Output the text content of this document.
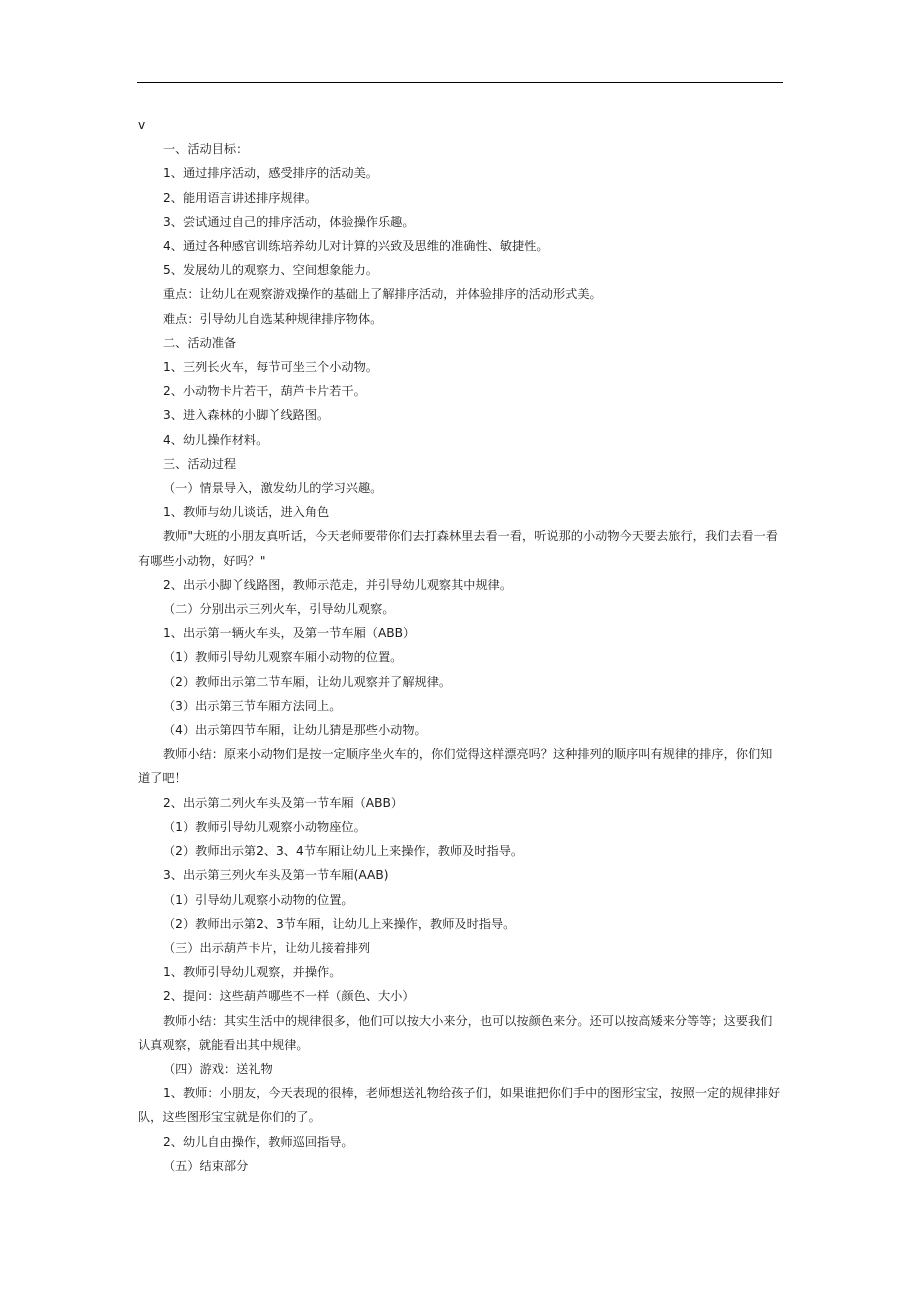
v

一、活动目标：

1、通过排序活动，感受排序的活动美。

2、能用语言讲述排序规律。

3、尝试通过自己的排序活动，体验操作乐趣。

4、通过各种感官训练培养幼儿对计算的兴致及思维的准确性、敏捷性。

5、发展幼儿的观察力、空间想象能力。

重点：让幼儿在观察游戏操作的基础上了解排序活动，并体验排序的活动形式美。

难点：引导幼儿自选某种规律排序物体。

二、活动准备

1、三列长火车，每节可坐三个小动物。

2、小动物卡片若干，葫芦卡片若干。

3、进入森林的小脚丫线路图。

4、幼儿操作材料。

三、活动过程

（一）情景导入，激发幼儿的学习兴趣。

1、教师与幼儿谈话，进入角色

教师"大班的小朋友真听话，今天老师要带你们去打森林里去看一看，听说那的小动物今天要去旅行，我们去看一看有哪些小动物，好吗？"

2、出示小脚丫线路图，教师示范走，并引导幼儿观察其中规律。

（二）分别出示三列火车，引导幼儿观察。

1、出示第一辆火车头，及第一节车厢（ABB）

（1）教师引导幼儿观察车厢小动物的位置。

（2）教师出示第二节车厢，让幼儿观察并了解规律。

（3）出示第三节车厢方法同上。

（4）出示第四节车厢，让幼儿猜是那些小动物。

教师小结：原来小动物们是按一定顺序坐火车的，你们觉得这样漂亮吗？这种排列的顺序叫有规律的排序，你们知道了吧！

2、出示第二列火车头及第一节车厢（ABB）

（1）教师引导幼儿观察小动物座位。

（2）教师出示第2、3、4节车厢让幼儿上来操作，教师及时指导。

3、出示第三列火车头及第一节车厢(AAB)

（1）引导幼儿观察小动物的位置。

（2）教师出示第2、3节车厢，让幼儿上来操作，教师及时指导。

（三）出示葫芦卡片，让幼儿接着排列

1、教师引导幼儿观察，并操作。

2、提问：这些葫芦哪些不一样（颜色、大小）

教师小结：其实生活中的规律很多，他们可以按大小来分，也可以按颜色来分。还可以按高矮来分等等；这要我们认真观察，就能看出其中规律。

（四）游戏：送礼物

1、教师：小朋友，今天表现的很棒，老师想送礼物给孩子们，如果谁把你们手中的图形宝宝，按照一定的规律排好队，这些图形宝宝就是你们的了。

2、幼儿自由操作，教师巡回指导。

（五）结束部分
